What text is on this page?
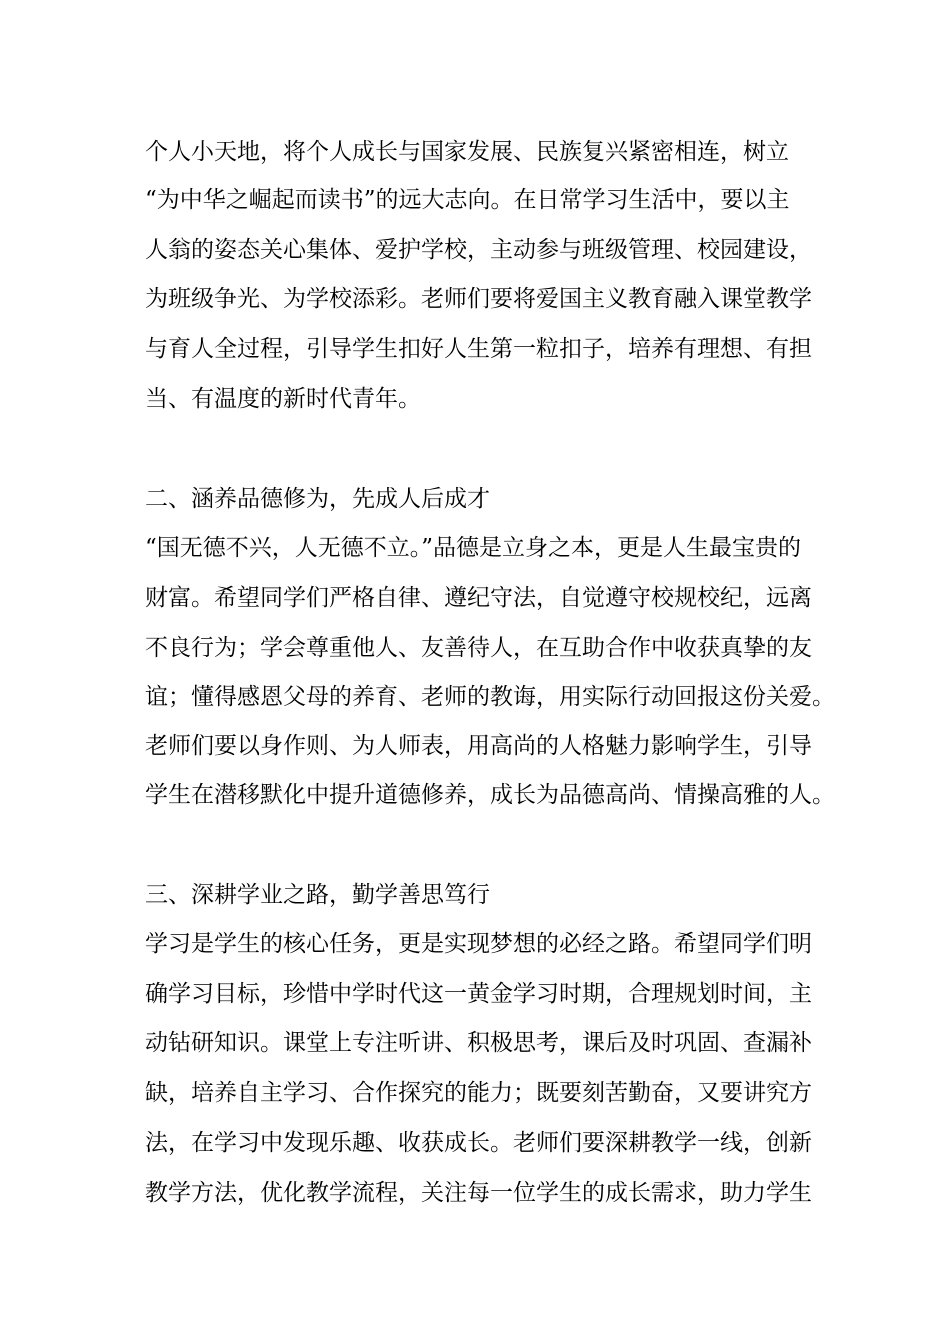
个人小天地，将个人成长与国家发展、民族复兴紧密相连，树立
“为中华之崛起而读书”的远大志向。在日常学习生活中，要以主
人翁的姿态关心集体、爱护学校，主动参与班级管理、校园建设，
为班级争光、为学校添彩。老师们要将爱国主义教育融入课堂教学
与育人全过程，引导学生扣好人生第一粒扣子，培养有理想、有担
当、有温度的新时代青年。
二、涵养品德修为，先成人后成才
“国无德不兴，人无德不立。”品德是立身之本，更是人生最宝贵的
财富。希望同学们严格自律、遵纪守法，自觉遵守校规校纪，远离
不良行为；学会尊重他人、友善待人，在互助合作中收获真挚的友
谊；懂得感恩父母的养育、老师的教诲，用实际行动回报这份关爱。
老师们要以身作则、为人师表，用高尚的人格魅力影响学生，引导
学生在潜移默化中提升道德修养，成长为品德高尚、情操高雅的人。
三、深耕学业之路，勤学善思笃行
学习是学生的核心任务，更是实现梦想的必经之路。希望同学们明
确学习目标，珍惜中学时代这一黄金学习时期，合理规划时间，主
动钻研知识。课堂上专注听讲、积极思考，课后及时巩固、查漏补
缺，培养自主学习、合作探究的能力；既要刻苦勤奋，又要讲究方
法，在学习中发现乐趣、收获成长。老师们要深耕教学一线，创新
教学方法，优化教学流程，关注每一位学生的成长需求，助力学生
